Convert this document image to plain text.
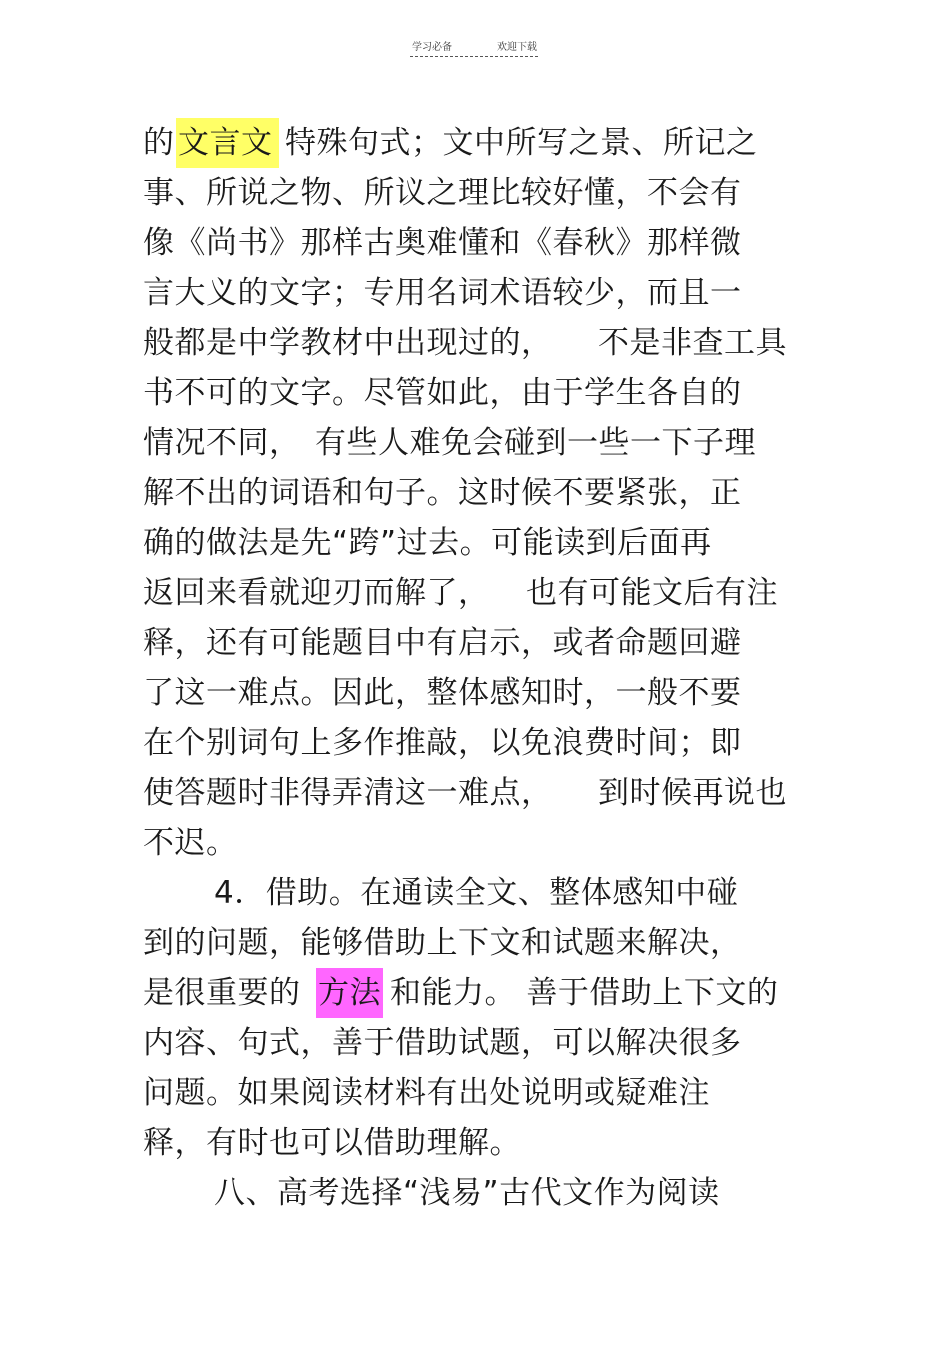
学习必备	欢迎下载
的 文言文 特殊句式；文中所写之景、所记之
事、所说之物、所议之理比较好懂，不会有
像《尚书》那样古奥难懂和《春秋》那样微
言大义的文字；专用名词术语较少，而且一
般都是中学教材中出现过的， 不是非查工具
书不可的文字。尽管如此，由于学生各自的
情况不同， 有些人难免会碰到一些一下子理
解不出的词语和句子。这时候不要紧张，正
确的做法是先“跨”过去。可能读到后面再
返回来看就迎刃而解了， 也有可能文后有注
释，还有可能题目中有启示，或者命题回避
了这一难点。因此，整体感知时，一般不要
在个别词句上多作推敲，以免浪费时间；即
使答题时非得弄清这一难点， 到时候再说也
不迟。
4．借助。在通读全文、整体感知中碰
到的问题，能够借助上下文和试题来解决，
是很重要的 方法 和能力。 善于借助上下文的
内容、句式，善于借助试题，可以解决很多
问题。如果阅读材料有出处说明或疑难注
释，有时也可以借助理解。
八、高考选择“浅易”古代文作为阅读
